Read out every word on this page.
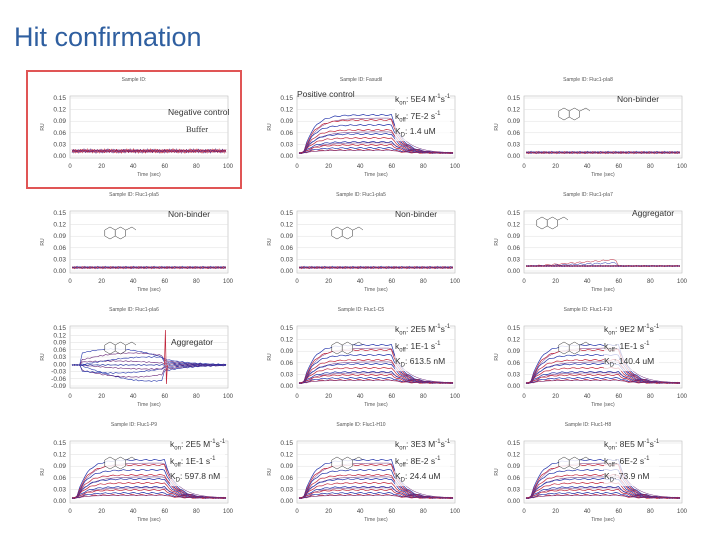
Hit confirmation
0.15
0.12
0.09
0.06
0.03
0.00
0	20	40	60	80	100
Time (sec)
RU
Sample ID:
Negative control
Buffer
0.15
0.12
0.09
0.06
0.03
0.00
0	20	40	60	80	100
Time (sec)
RU
Sample ID: Fasudil
Positive control	$k_{on}$: 5E4 $M^{-1}s^{-1}$
$k_{off}$: 7E-2 $s^{-1}$
$K_D$: 1.4 uM
0.15
0.12
0.09
0.06
0.03
0.00
0	20	40	60	80	100
Time (sec)
RU
Sample ID: Fluc1-pIa8
Non-binder
0.15
0.12
0.09
0.06
0.03
0.00
0	20	40	60	80	100
Time (sec)
RU
Sample ID: Fluc1-pIa5
Non-binder	0.15
0.12
0.09
0.06
0.03
0.00
0	20	40	60	80	100
Time (sec)
RU
Sample ID: Fluc1-pIa5
Non-binder	0.15
0.12
0.09
0.06
0.03
0.00
0	20	40	60	80	100
Time (sec)
RU
Sample ID: Fluc1-pIa7
Aggregator
0.15
0.12
0.09
0.06
0.03
0.00
-0.03
-0.06
-0.09
0	20	40	60	80	100
Time (sec)
RU
Sample ID: Fluc1-pIa6
Aggregator
0.15
0.12
0.09
0.06
0.03
0.00
0	20	40	60	80	100
Time (sec)
RU
Sample ID: Fluc1-C5
$k_{on}$: 2E5 $M^{-1}s^{-1}$
$k_{off}$: 1E-1 $s^{-1}$
$K_D$: 613.5 nM
0.15
0.12
0.09
0.06
0.03
0.00
0	20	40	60	80	100
Time (sec)
RU
Sample ID: Fluc1-F10
$k_{on}$: 9E2 $M^{-1}s^{-1}$
$k_{off}$: 1E-1 $s^{-1}$
$K_D$: 140.4 uM
0.15
0.12
0.09
0.06
0.03
0.00
0	20	40	60	80	100
Time (sec)
RU
Sample ID: Fluc1-P9
$k_{on}$: 2E5 $M^{-1}s^{-1}$
$k_{off}$: 1E-1 $s^{-1}$
$K_D$: 597.8 nM
0.15
0.12
0.09
0.06
0.03
0.00
0	20	40	60	80	100
Time (sec)
RU
Sample ID: Fluc1-H10
$k_{on}$: 3E3 $M^{-1}s^{-1}$
$k_{off}$: 8E-2 $s^{-1}$
$K_D$: 24.4 uM
0.15
0.12
0.09
0.06
0.03
0.00
0	20	40	60	80	100
Time (sec)
RU
Sample ID: Fluc1-H8
$k_{on}$: 8E5 $M^{-1}s^{-1}$
$k_{off}$: 6E-2 $s^{-1}$
$K_D$: 73.9 nM
